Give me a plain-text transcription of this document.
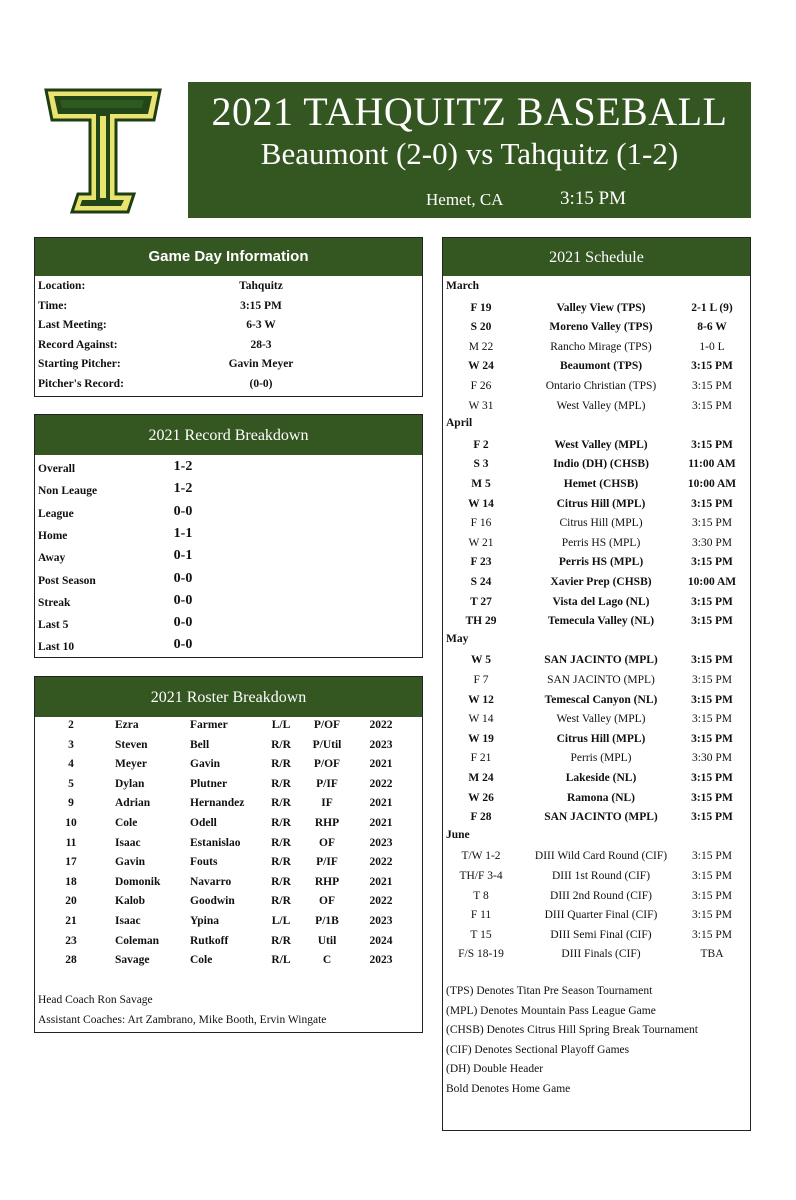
2021 TAHQUITZ BASEBALL
Beaumont (2-0) vs Tahquitz (1-2)
Hemet, CA	3:15 PM
Game Day Information
Location:	Tahquitz
Time:	3:15 PM
Last Meeting:	6-3 W
Record Against:	28-3
Starting Pitcher:	Gavin Meyer
Pitcher's Record:	(0-0)
2021 Record Breakdown
Overall	1-2
Non Leauge	1-2
League	0-0
Home	1-1
Away	0-1
Post Season	0-0
Streak	0-0
Last 5	0-0
Last 10	0-0
2021 Roster Breakdown
2	Ezra	Farmer	L/L	P/OF	2022
3	Steven	Bell	R/R	P/Util	2023
4	Meyer	Gavin	R/R	P/OF	2021
5	Dylan	Plutner	R/R	P/IF	2022
9	Adrian	Hernandez	R/R	IF	2021
10	Cole	Odell	R/R	RHP	2021
11	Isaac	Estanislao	R/R	OF	2023
17	Gavin	Fouts	R/R	P/IF	2022
18	Domonik	Navarro	R/R	RHP	2021
20	Kalob	Goodwin	R/R	OF	2022
21	Isaac	Ypina	L/L	P/1B	2023
23	Coleman	Rutkoff	R/R	Util	2024
28	Savage	Cole	R/L	C	2023
Head Coach Ron Savage
Assistant Coaches: Art Zambrano, Mike Booth, Ervin Wingate
2021 Schedule
March
F 19	Valley View (TPS)	2-1 L (9)
S 20	Moreno Valley (TPS)	8-6 W
M 22	Rancho Mirage (TPS)	1-0 L
W 24	Beaumont (TPS)	3:15 PM
F 26	Ontario Christian (TPS)	3:15 PM
W 31	West Valley (MPL)	3:15 PM
April
F 2	West Valley (MPL)	3:15 PM
S 3	Indio (DH) (CHSB)	11:00 AM
M 5	Hemet (CHSB)	10:00 AM
W 14	Citrus Hill (MPL)	3:15 PM
F 16	Citrus Hill (MPL)	3:15 PM
W 21	Perris HS (MPL)	3:30 PM
F 23	Perris HS (MPL)	3:15 PM
S 24	Xavier Prep (CHSB)	10:00 AM
T 27	Vista del Lago (NL)	3:15 PM
TH 29	Temecula Valley (NL)	3:15 PM
May
W 5	SAN JACINTO (MPL)	3:15 PM
F 7	SAN JACINTO (MPL)	3:15 PM
W 12	Temescal Canyon (NL)	3:15 PM
W 14	West Valley (MPL)	3:15 PM
W 19	Citrus Hill (MPL)	3:15 PM
F 21	Perris (MPL)	3:30 PM
M 24	Lakeside (NL)	3:15 PM
W 26	Ramona (NL)	3:15 PM
F 28	SAN JACINTO (MPL)	3:15 PM
June
T/W 1-2	DIII Wild Card Round (CIF)	3:15 PM
TH/F 3-4	DIII 1st Round (CIF)	3:15 PM
T 8	DIII 2nd Round (CIF)	3:15 PM
F 11	DIII Quarter Final (CIF)	3:15 PM
T 15	DIII Semi Final (CIF)	3:15 PM
F/S 18-19	DIII Finals (CIF)	TBA
(TPS) Denotes Titan Pre Season Tournament
(MPL) Denotes Mountain Pass League Game
(CHSB) Denotes Citrus Hill Spring Break Tournament
(CIF) Denotes Sectional Playoff Games
(DH) Double Header
Bold Denotes Home Game
